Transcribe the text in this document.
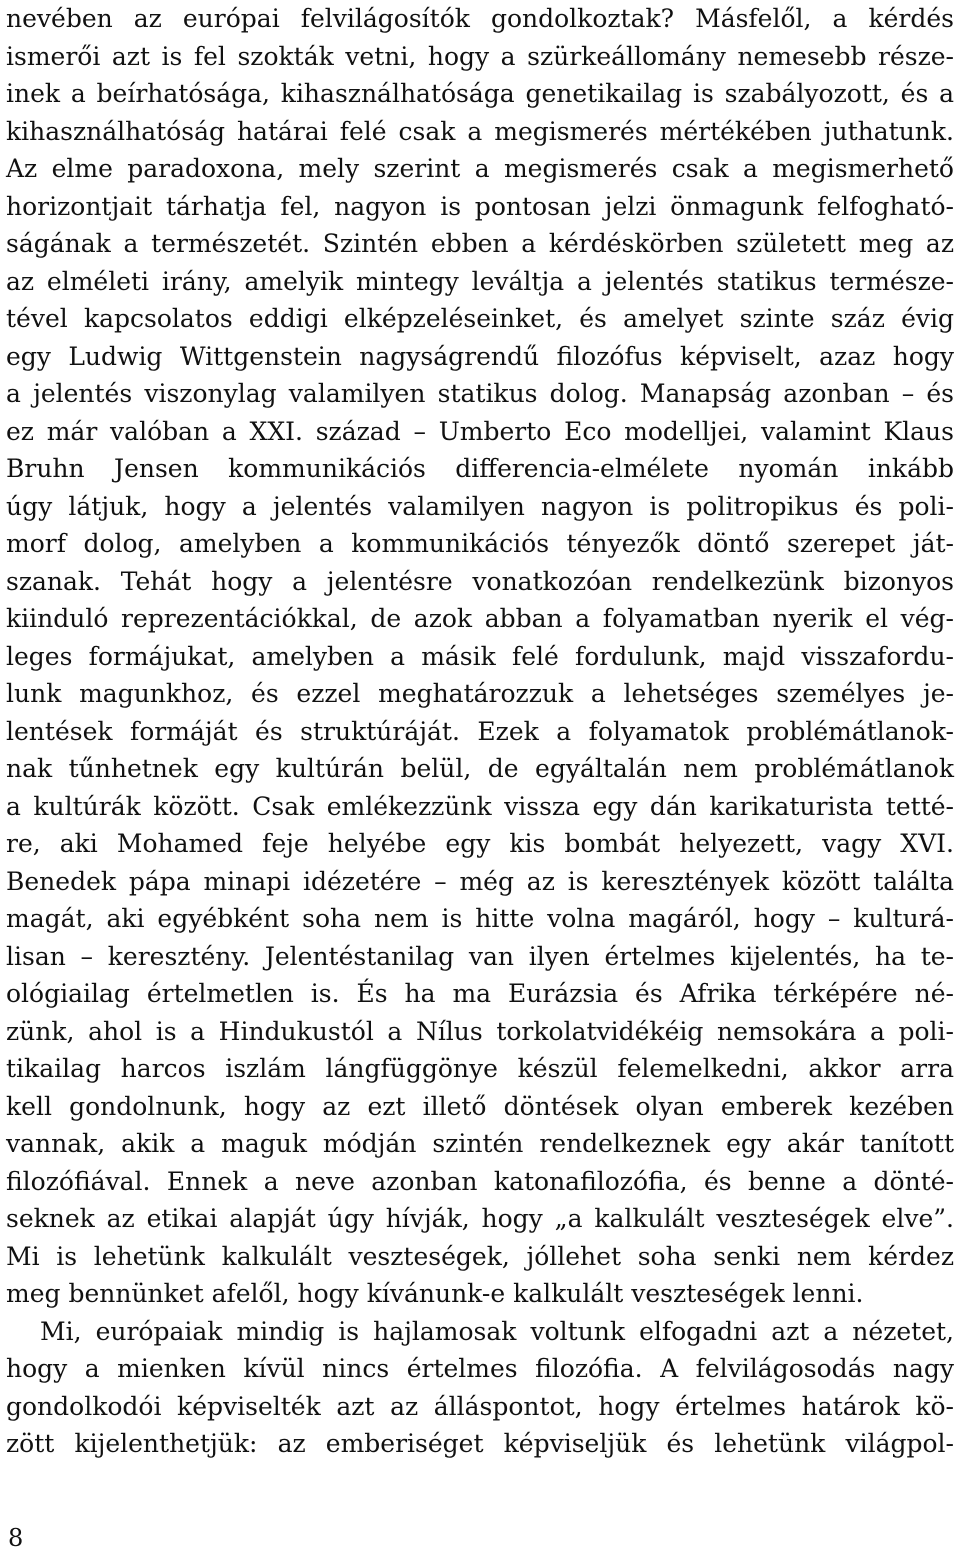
nevében az európai felvilágosítók gondolkoztak? Másfelől, a kérdés
ismerői azt is fel szokták vetni, hogy a szürkeállomány nemesebb része-
inek a beírhatósága, kihasználhatósága genetikailag is szabályozott, és a
kihasználhatóság határai felé csak a megismerés mértékében juthatunk.
Az elme paradoxona, mely szerint a megismerés csak a megismerhető
horizontjait tárhatja fel, nagyon is pontosan jelzi önmagunk felfogható-
ságának a természetét. Szintén ebben a kérdéskörben született meg az
az elméleti irány, amelyik mintegy leváltja a jelentés statikus természe-
tével kapcsolatos eddigi elképzeléseinket, és amelyet szinte száz évig
egy Ludwig Wittgenstein nagyságrendű filozófus képviselt, azaz hogy
a jelentés viszonylag valamilyen statikus dolog. Manapság azonban – és
ez már valóban a XXI. század – Umberto Eco modelljei, valamint Klaus
Bruhn Jensen kommunikációs differencia-elmélete nyomán inkább
úgy látjuk, hogy a jelentés valamilyen nagyon is politropikus és poli-
morf dolog, amelyben a kommunikációs tényezők döntő szerepet ját-
szanak. Tehát hogy a jelentésre vonatkozóan rendelkezünk bizonyos
kiinduló reprezentációkkal, de azok abban a folyamatban nyerik el vég-
leges formájukat, amelyben a másik felé fordulunk, majd visszafordu-
lunk magunkhoz, és ezzel meghatározzuk a lehetséges személyes je-
lentések formáját és struktúráját. Ezek a folyamatok problémátlanok-
nak tűnhetnek egy kultúrán belül, de egyáltalán nem problémátlanok
a kultúrák között. Csak emlékezzünk vissza egy dán karikaturista tetté-
re, aki Mohamed feje helyébe egy kis bombát helyezett, vagy XVI.
Benedek pápa minapi idézetére – még az is keresztények között találta
magát, aki egyébként soha nem is hitte volna magáról, hogy – kulturá-
lisan – keresztény. Jelentéstanilag van ilyen értelmes kijelentés, ha te-
ológiailag értelmetlen is. És ha ma Eurázsia és Afrika térképére né-
zünk, ahol is a Hindukustól a Nílus torkolatvidékéig nemsokára a poli-
tikailag harcos iszlám lángfüggönye készül felemelkedni, akkor arra
kell gondolnunk, hogy az ezt illető döntések olyan emberek kezében
vannak, akik a maguk módján szintén rendelkeznek egy akár tanított
filozófiával. Ennek a neve azonban katonafilozófia, és benne a dönté-
seknek az etikai alapját úgy hívják, hogy „a kalkulált veszteségek elve”.
Mi is lehetünk kalkulált veszteségek, jóllehet soha senki nem kérdez
meg bennünket afelől, hogy kívánunk-e kalkulált veszteségek lenni.
Mi, európaiak mindig is hajlamosak voltunk elfogadni azt a nézetet,
hogy a mienken kívül nincs értelmes filozófia. A felvilágosodás nagy
gondolkodói képviselték azt az álláspontot, hogy értelmes határok kö-
zött kijelenthetjük: az emberiséget képviseljük és lehetünk világpol-
8
